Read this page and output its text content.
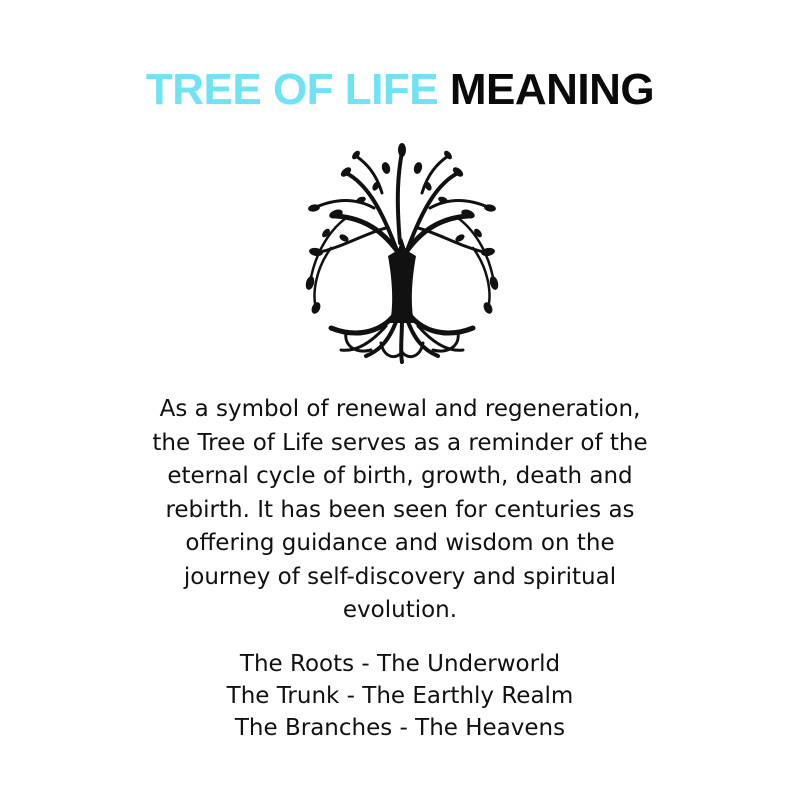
TREE OF LIFE MEANING

As a symbol of renewal and regeneration,
the Tree of Life serves as a reminder of the
eternal cycle of birth, growth, death and
rebirth. It has been seen for centuries as
offering guidance and wisdom on the
journey of self-discovery and spiritual
evolution.

The Roots - The Underworld
The Trunk - The Earthly Realm
The Branches - The Heavens
